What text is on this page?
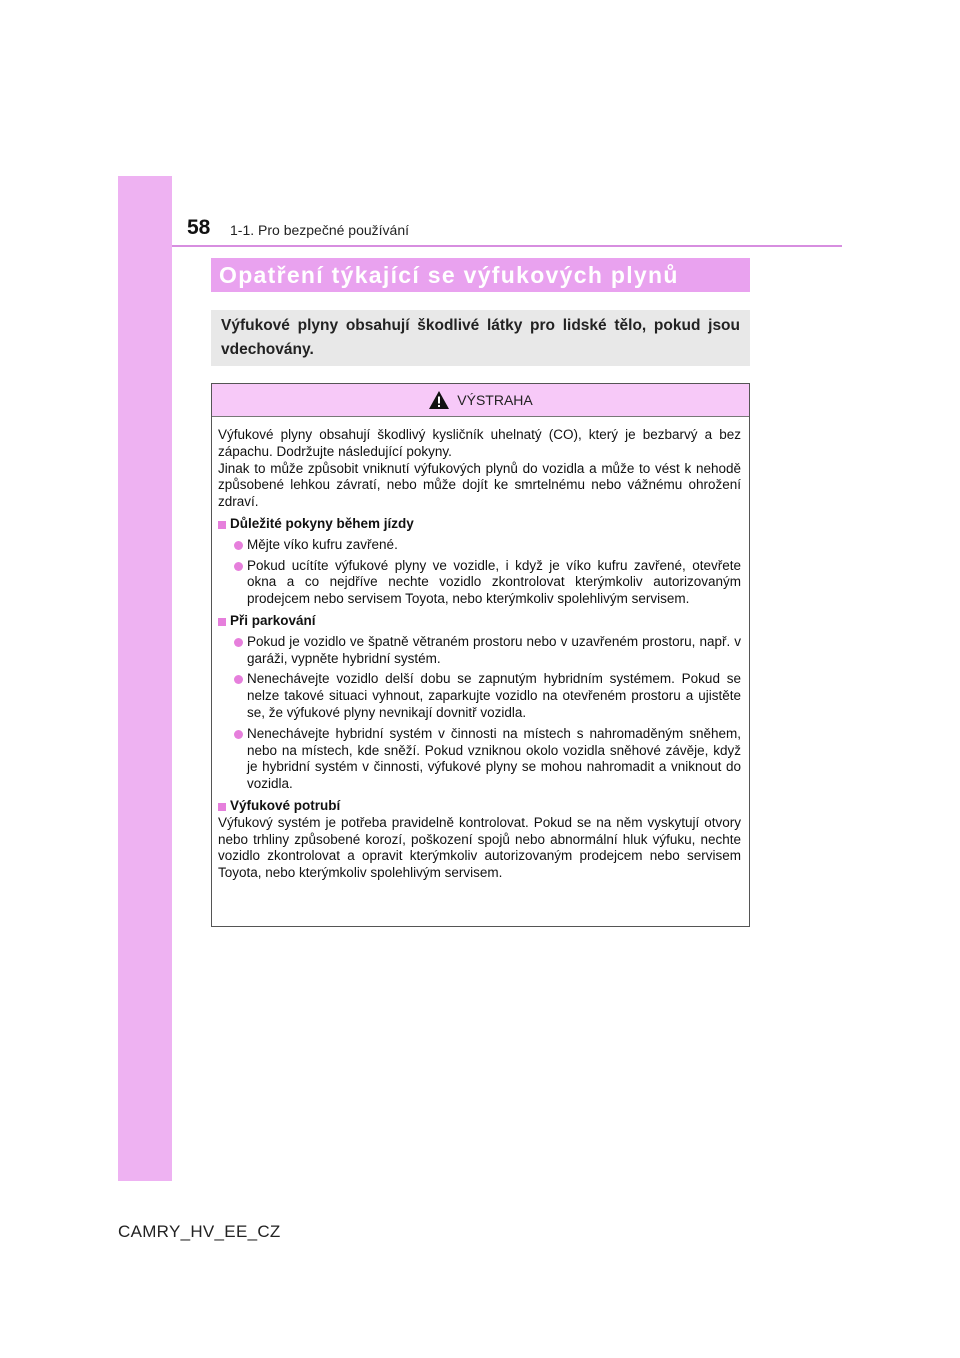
58 1-1. Pro bezpečné používání
Opatření týkající se výfukových plynů
Výfukové plyny obsahují škodlivé látky pro lidské tělo, pokud jsou vdechovány.
VÝSTRAHA

Výfukové plyny obsahují škodlivý kysličník uhelnatý (CO), který je bezbarvý a bez zápachu. Dodržujte následující pokyny.

Jinak to může způsobit vniknutí výfukových plynů do vozidla a může to vést k nehodě způsobené lehkou závratí, nebo může dojít ke smrtelnému nebo vážnému ohrožení zdraví.

Důležité pokyny během jízdy

Mějte víko kufru zavřené.

Pokud ucítíte výfukové plyny ve vozidle, i když je víko kufru zavřené, otevřete okna a co nejdříve nechte vozidlo zkontrolovat kterýmkoliv autorizovaným prodejcem nebo servisem Toyota, nebo kterýmkoliv spolehlivým servisem.

Při parkování

Pokud je vozidlo ve špatně větraném prostoru nebo v uzavřeném prostoru, např. v garáži, vypněte hybridní systém.

Nenechávejte vozidlo delší dobu se zapnutým hybridním systémem. Pokud se nelze takové situaci vyhnout, zaparkujte vozidlo na otevřeném prostoru a ujistěte se, že výfukové plyny nevnikají dovnitř vozidla.

Nenechávejte hybridní systém v činnosti na místech s nahromaděným sněhem, nebo na místech, kde sněží. Pokud vzniknou okolo vozidla sněhové závěje, když je hybridní systém v činnosti, výfukové plyny se mohou nahromadit a vniknout do vozidla.

Výfukové potrubí

Výfukový systém je potřeba pravidelně kontrolovat. Pokud se na něm vyskytují otvory nebo trhliny způsobené korozí, poškození spojů nebo abnormální hluk výfuku, nechte vozidlo zkontrolovat a opravit kterýmkoliv autorizovaným prodejcem nebo servisem Toyota, nebo kterýmkoliv spolehlivým servisem.

CAMRY_HV_EE_CZ
